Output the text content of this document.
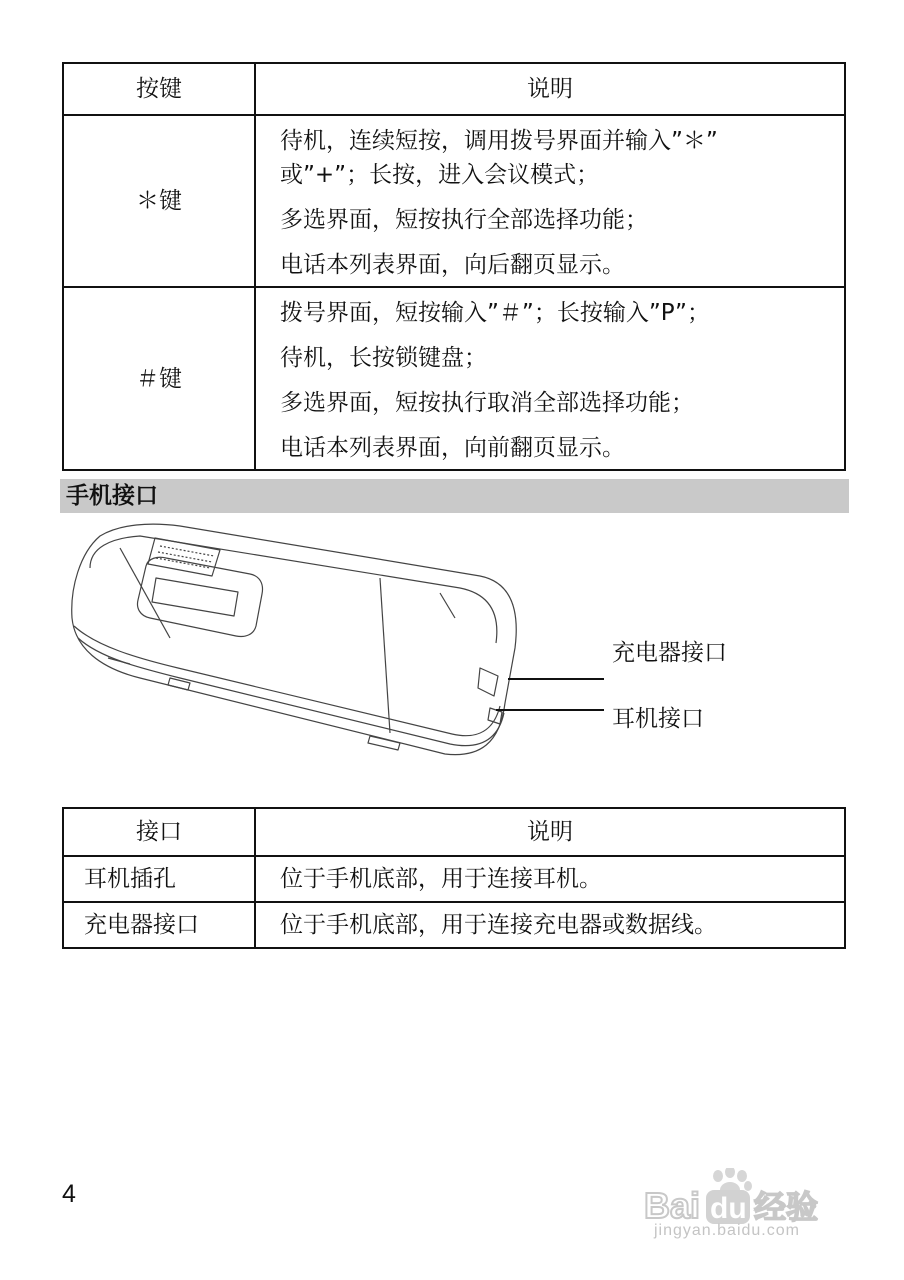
按键	说明
＊键	待机，连续短按，调用拨号界面并输入”＊”
或”+”；长按，进入会议模式；
多选界面，短按执行全部选择功能；
电话本列表界面，向后翻页显示。

＃键	拨号界面，短按输入”＃”；长按输入”P”；
待机，长按锁键盘；
多选界面，短按执行取消全部选择功能；
电话本列表界面，向前翻页显示。
手机接口
充电器接口
耳机接口
接口	说明
耳机插孔	位于手机底部，用于连接耳机。
充电器接口	位于手机底部，用于连接充电器或数据线。
4	Bai du 经验
jingyan.baidu.com
